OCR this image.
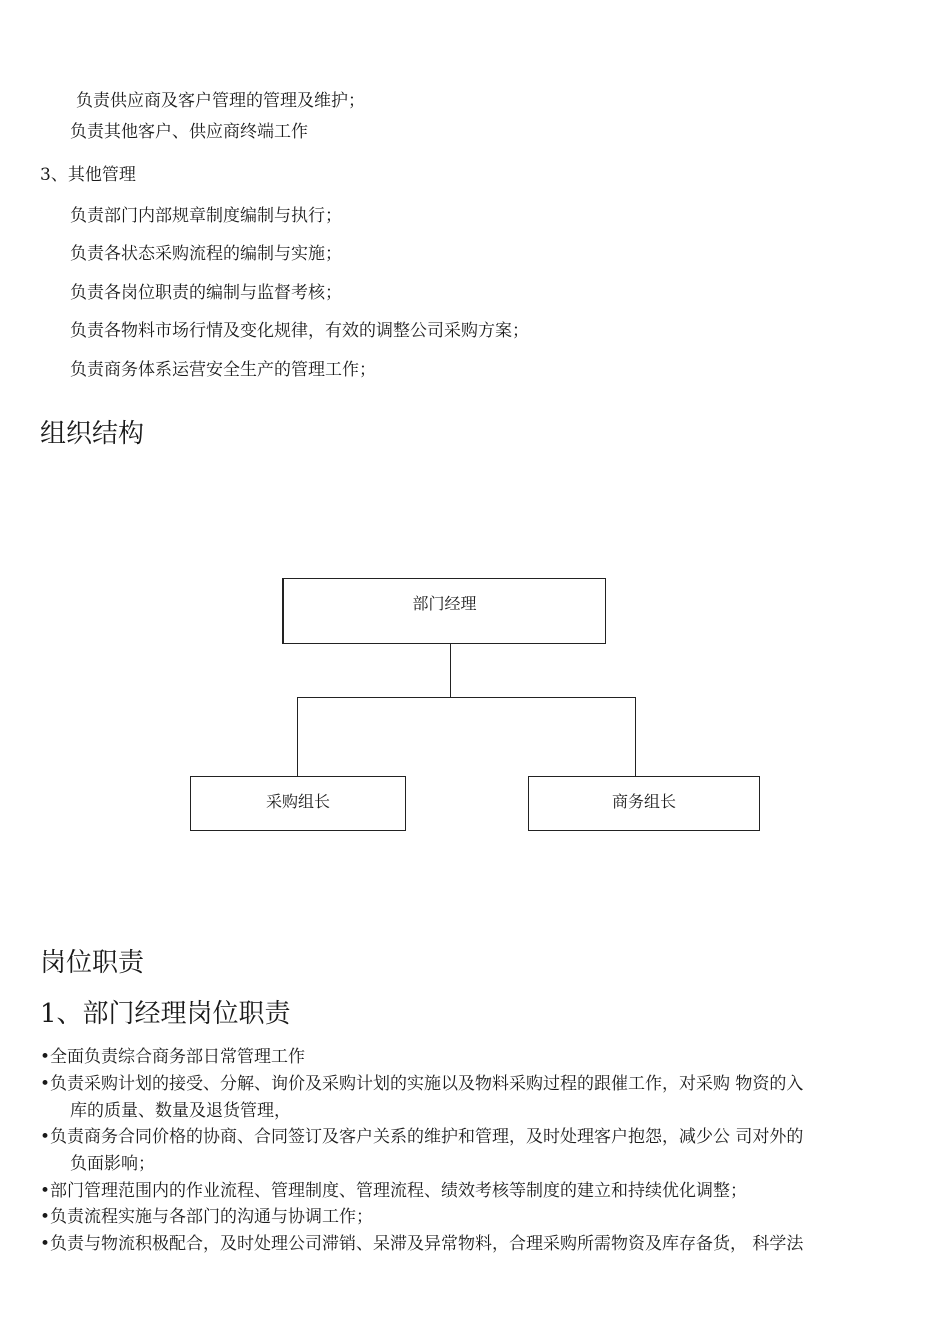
负责供应商及客户管理的管理及维护；
负责其他客户、供应商终端工作
3、其他管理
负责部门内部规章制度编制与执行；
负责各状态采购流程的编制与实施；
负责各岗位职责的编制与监督考核；
负责各物料市场行情及变化规律，有效的调整公司采购方案；
负责商务体系运营安全生产的管理工作；
组织结构
部门经理
采购组长	商务组长
岗位职责
1、部门经理岗位职责
•全面负责综合商务部日常管理工作
•负责采购计划的接受、分解、询价及采购计划的实施以及物料采购过程的跟催工作，对采购 物资的入
库的质量、数量及退货管理，
•负责商务合同价格的协商、合同签订及客户关系的维护和管理，及时处理客户抱怨，减少公 司对外的
负面影响；
•部门管理范围内的作业流程、管理制度、管理流程、绩效考核等制度的建立和持续优化调整；
•负责流程实施与各部门的沟通与协调工作；
•负责与物流积极配合，及时处理公司滞销、呆滞及异常物料，合理采购所需物资及库存备货， 科学法
